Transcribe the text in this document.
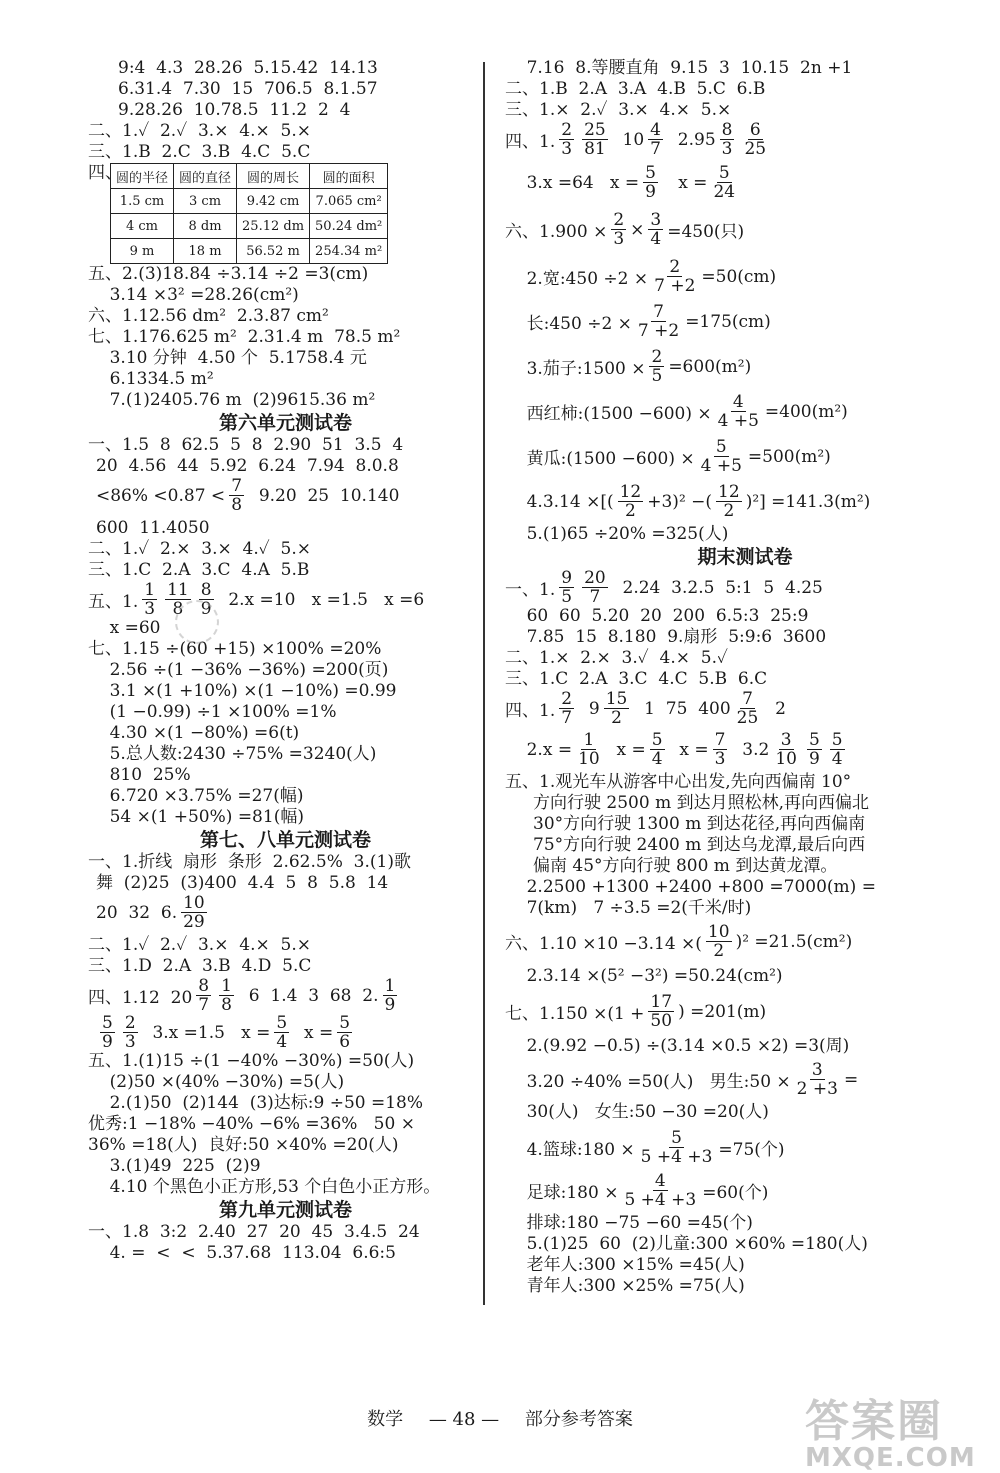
9:4  4.3  28.26  5.15.42  14.13
6.31.4  7.30  15  706.5  8.1.57
9.28.26  10.78.5  11.2  2  4
二、1.✓  2.✓  3.×  4.×  5.×
三、1.B  2.C  3.B  4.C  5.C
四、
圆的半径	圆的直径	圆的周长	圆的面积
1.5 cm	3 cm	9.42 cm	7.065 cm²
4 cm	8 dm	25.12 dm	50.24 dm²
9 m	18 m	56.52 m	254.34 m²
五、2.(3)18.84 ÷3.14 ÷2 =3(cm)
3.14 ×3² =28.26(cm²)
六、1.12.56 dm²  2.3.87 cm²
七、1.176.625 m²  2.31.4 m  78.5 m²
3.10 分钟  4.50 个  5.1758.4 元
6.1334.5 m²
7.(1)2405.76 m  (2)9615.36 m²
第六单元测试卷
一、1.5  8  62.5  5  8  2.90  51  3.5  4
20  4.56  44  5.92  6.24  7.94  8.0.8
$<86\% <0.87 < \frac{7}{8} 9.20$  25  10.140
600  11.4050
二、1.✓  2.×  3.×  4.✓  5.×
三、1.C  2.A  3.C  4.A  5.B
五、1. $\frac{1}{3} \frac{11}{8} \frac{8}{9} 2.x =10$   x =1.5   x =6
x =60
七、1.15 ÷(60 +15) ×100% =20%
2.56 ÷(1 −36% −36%) =200(页)
3.1 ×(1 +10%) ×(1 −10%) =0.99
(1 −0.99) ÷1 ×100% =1%
4.30 ×(1 −80%) =6(t)
5.总人数:2430 ÷75% =3240(人)
810  25%
6.720 ×3.75% =27(幅)
54 ×(1 +50%) =81(幅)
第七、八单元测试卷
一、1.折线  扇形  条形  2.62.5%  3.(1)歌
舞  (2)25  (3)400  4.4  5  8  5.8  14
20  32  6. $\frac{10}{29}$
二、1.✓  2.✓  3.×  4.×  5.×
三、1.D  2.A  3.B  4.D  5.C
四、1.12  $20 \frac{8}{7} \frac{1}{8} 6$  1.4  3  68  2. $\frac{1}{9}$
$\frac{5}{9} \frac{2}{3} 3.x =1.5$   $x = \frac{5}{4}$ $x = \frac{5}{6}$
五、1.(1)15 ÷(1 −40% −30%) =50(人)
(2)50 ×(40% −30%) =5(人)
2.(1)50  (2)144  (3)达标:9 ÷50 =18%
优秀:1 −18% −40% −6% =36%   50 ×
36% =18(人)  良好:50 ×40% =20(人)
3.(1)49  225  (2)9
4.10 个黑色小正方形,53 个白色小正方形。
第九单元测试卷
一、1.8  3:2  2.40  27  20  45  3.4.5  24
4. =  <  <  5.37.68  113.04  6.6:5
7.16  8.等腰直角  9.15  3  10.15  2n +1
二、1.B  2.A  3.A  4.B  5.C  6.B
三、1.×  2.✓  3.×  4.×  5.×
四、1. $\frac{2}{3} \frac{25}{81} 10 \frac{4}{7} 2.95 \frac{8}{3} \frac{6}{25}$
3.x =64   $x = \frac{5}{9}$ $x = \frac{5}{24}$
六、$1.900 \times \frac{2}{3} \times \frac{3}{4} =450$(只)
2.宽:450 $\div 2 \times \frac{2}{7 +2} =50(cm)$
长:450 $\div 2 \times \frac{7}{7 +2} =175(cm)$
3.茄子:1500 × $\frac{2}{5} =600(m^2)$
西红柿:(1500 $-600) \times \frac{4}{4 +5} =400(m^2)$
黄瓜:(1500 $-600) \times \frac{5}{4 +5} =500(m^2)$
4.3.14 ×[( $\frac{12}{2} +3)^2$ −( $\frac{12}{2} )^2] =141.3(m^2)$
5.(1)65 ÷20% =325(人)
期末测试卷
一、1. $\frac{9}{5} \frac{20}{7} 2.24$  3.2.5  5:1  5  4.25
60  60  5.20  20  200  6.5:3  25:9
7.85  15  8.180  9.扇形  5:9:6  3600
二、1.×  2.×  3.✓  4.×  5.✓
三、1.C  2.A  3.C  4.C  5.B  6.C
四、1. $\frac{2}{7} 9 \frac{15}{2} 1$  75  $400 \frac{7}{25} 2$
$2.x = \frac{1}{10}$ $x = \frac{5}{4}$ $x = \frac{7}{3} 3.2 \frac{3}{10} \frac{5}{9} \frac{5}{4}$
五、1.观光车从游客中心出发,先向西偏南 10°
方向行驶 2500 m 到达月照松林,再向西偏北
30°方向行驶 1300 m 到达花径,再向西偏南
75°方向行驶 2400 m 到达乌龙潭,最后向西
偏南 45°方向行驶 800 m 到达黄龙潭。
2.2500 +1300 +2400 +800 =7000(m) =
7(km)   7 ÷3.5 =2(千米/时)
六、1.10 ×10 −3.14 ×( $\frac{10}{2} )^2 =21.5(cm^2)$
2.3.14 ×(5² −3²) =50.24(cm²)
七、$1.150 \times(1 + \frac{17}{50}$ ) =201(m)
2.(9.92 −0.5) ÷(3.14 ×0.5 ×2) =3(周)
3.20 ÷40% =50(人)   男生:50 × $\frac{3}{2 +3}$ =
30(人)   女生:50 −30 =20(人)
4.篮球:180 × $\frac{5}{5 +4 +3} =75$(个)
足球:180 × $\frac{4}{5 +4 +3} =60$(个)
排球:180 −75 −60 =45(个)
5.(1)25  60  (2)儿童:300 ×60% =180(人)
老年人:300 ×15% =45(人)
青年人:300 ×25% =75(人)
数学 — 48 — 部分参考答案	答案圈
MXQE.COM
